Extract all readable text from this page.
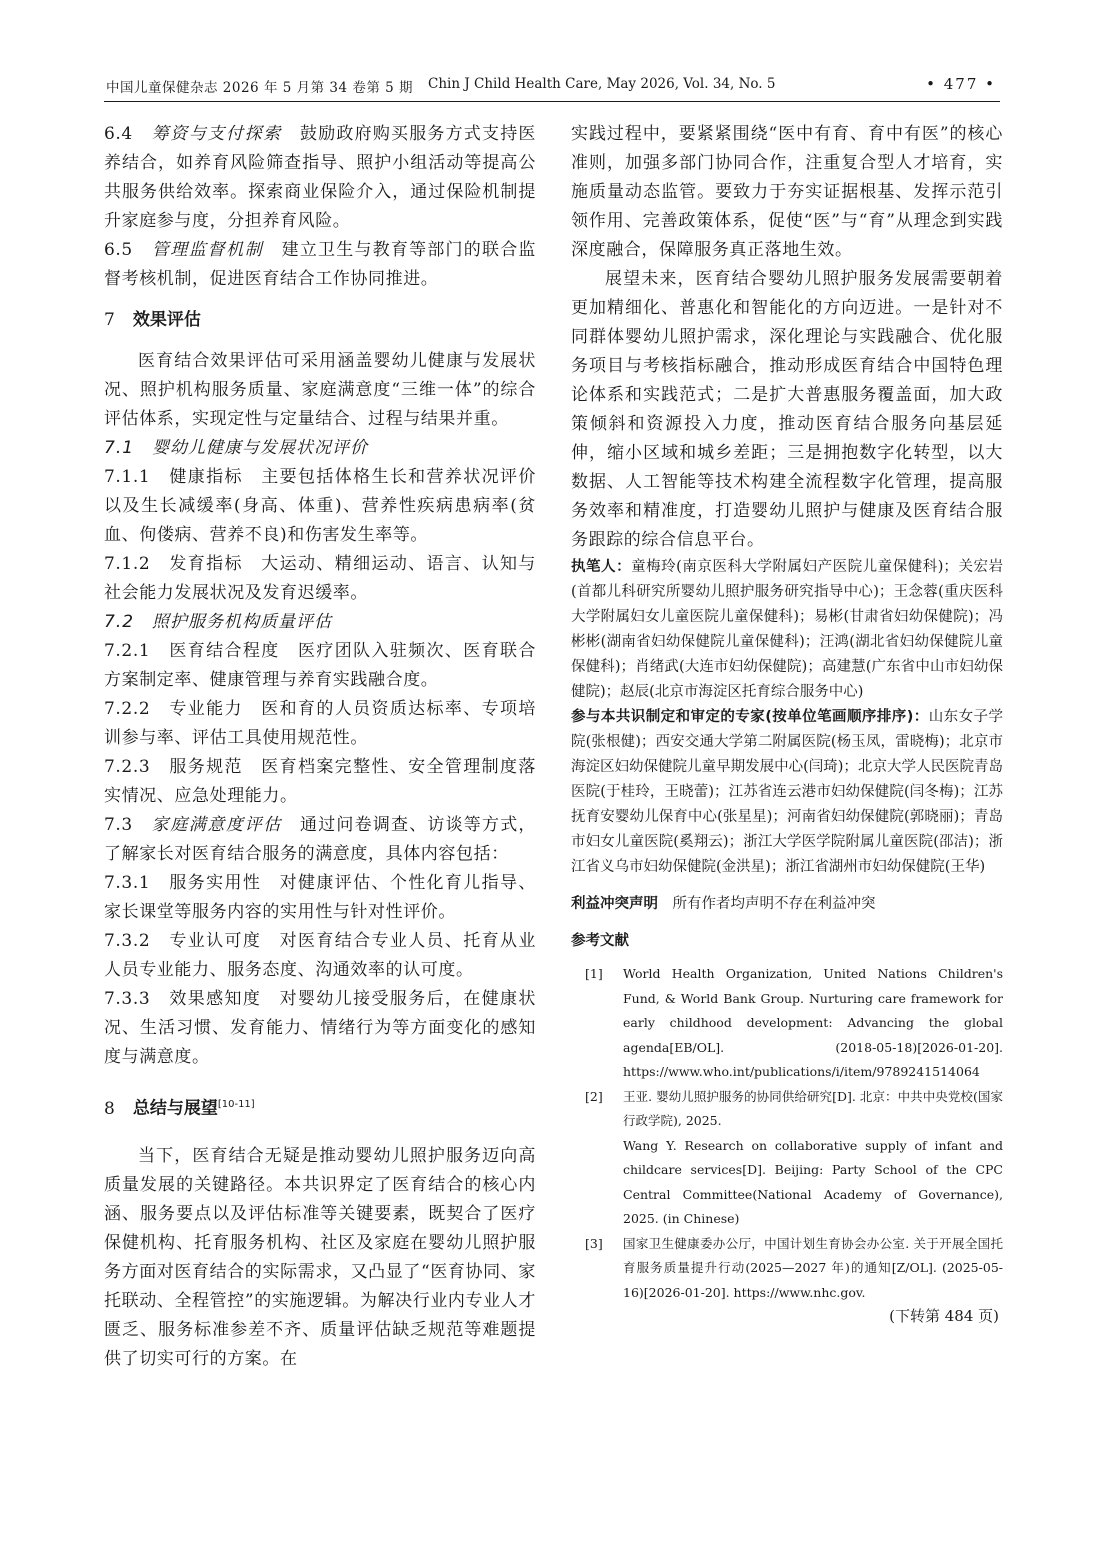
中国儿童保健杂志 2026 年 5 月第 34 卷第 5 期 Chin J Child Health Care, May 2026, Vol. 34, No. 5	• 477 •

6.4　 筹资与支付探索　 鼓励政府购买服务方式支持医养结合，如养育风险筛查指导、照护小组活动等提高公共服务供给效率。探索商业保险介入，通过保险机制提升家庭参与度，分担养育风险。

6.5　 管理监督机制　 建立卫生与教育等部门的联合监督考核机制，促进医育结合工作协同推进。

7 效果评估

医育结合效果评估可采用涵盖婴幼儿健康与发展状况、照护机构服务质量、家庭满意度“三维一体”的综合评估体系，实现定性与定量结合、过程与结果并重。

7.1　婴幼儿健康与发展状况评价

7.1.1　 健康指标　 主要包括体格生长和营养状况评价以及生长减缓率(身高、体重)、营养性疾病患病率(贫血、佝偻病、营养不良)和伤害发生率等。

7.1.2　 发育指标　 大运动、精细运动、语言、认知与社会能力发展状况及发育迟缓率。

7.2　照护服务机构质量评估

7.2.1　 医育结合程度　 医疗团队入驻频次、医育联合方案制定率、健康管理与养育实践融合度。

7.2.2　 专业能力　 医和育的人员资质达标率、专项培训参与率、评估工具使用规范性。

7.2.3　 服务规范　 医育档案完整性、安全管理制度落实情况、应急处理能力。

7.3　 家庭满意度评估　 通过问卷调查、访谈等方式，了解家长对医育结合服务的满意度，具体内容包括：

7.3.1　 服务实用性　 对健康评估、个性化育儿指导、家长课堂等服务内容的实用性与针对性评价。

7.3.2　 专业认可度　 对医育结合专业人员、托育从业人员专业能力、服务态度、沟通效率的认可度。

7.3.3　 效果感知度　 对婴幼儿接受服务后，在健康状况、生活习惯、发育能力、情绪行为等方面变化的感知度与满意度。

8 总结与展望[10-11]

当下，医育结合无疑是推动婴幼儿照护服务迈向高质量发展的关键路径。本共识界定了医育结合的核心内涵、服务要点以及评估标准等关键要素，既契合了医疗保健机构、托育服务机构、社区及家庭在婴幼儿照护服务方面对医育结合的实际需求，又凸显了“医育协同、家托联动、全程管控”的实施逻辑。为解决行业内专业人才匮乏、服务标准参差不齐、质量评估缺乏规范等难题提供了切实可行的方案。在

实践过程中，要紧紧围绕“医中有育、育中有医”的核心准则，加强多部门协同合作，注重复合型人才培育，实施质量动态监管。要致力于夯实证据根基、发挥示范引领作用、完善政策体系，促使“医”与“育”从理念到实践深度融合，保障服务真正落地生效。

展望未来，医育结合婴幼儿照护服务发展需要朝着更加精细化、普惠化和智能化的方向迈进。一是针对不同群体婴幼儿照护需求，深化理论与实践融合、优化服务项目与考核指标融合，推动形成医育结合中国特色理论体系和实践范式；二是扩大普惠服务覆盖面，加大政策倾斜和资源投入力度，推动医育结合服务向基层延伸，缩小区域和城乡差距；三是拥抱数字化转型，以大数据、人工智能等技术构建全流程数字化管理，提高服务效率和精准度，打造婴幼儿照护与健康及医育结合服务跟踪的综合信息平台。

执笔人：童梅玲(南京医科大学附属妇产医院儿童保健科)；关宏岩(首都儿科研究所婴幼儿照护服务研究指导中心)；王念蓉(重庆医科大学附属妇女儿童医院儿童保健科)；易彬(甘肃省妇幼保健院)；冯彬彬(湖南省妇幼保健院儿童保健科)；汪鸿(湖北省妇幼保健院儿童保健科)；肖绪武(大连市妇幼保健院)；高建慧(广东省中山市妇幼保健院)；赵辰(北京市海淀区托育综合服务中心)

参与本共识制定和审定的专家(按单位笔画顺序排序)：山东女子学院(张根健)；西安交通大学第二附属医院(杨玉凤，雷晓梅)；北京市海淀区妇幼保健院儿童早期发展中心(闫琦)；北京大学人民医院青岛医院(于桂玲，王晓蕾)；江苏省连云港市妇幼保健院(闫冬梅)；江苏抚育安婴幼儿保育中心(张星星)；河南省妇幼保健院(郭晓丽)；青岛市妇女儿童医院(奚翔云)；浙江大学医学院附属儿童医院(邵洁)；浙江省义乌市妇幼保健院(金洪星)；浙江省湖州市妇幼保健院(王华)

利益冲突声明　 所有作者均声明不存在利益冲突

参考文献

[1] World Health Organization, United Nations Children's Fund, & World Bank Group. Nurturing care framework for early childhood development: Advancing the global agenda[EB/OL]. (2018-05-18)[2026-01-20]. https://www.who.int/publications/i/item/9789241514064

[2] 王亚. 婴幼儿照护服务的协同供给研究[D]. 北京：中共中央党校(国家行政学院), 2025.
Wang Y. Research on collaborative supply of infant and childcare services[D]. Beijing: Party School of the CPC Central Committee(National Academy of Governance), 2025. (in Chinese)

[3] 国家卫生健康委办公厅，中国计划生育协会办公室. 关于开展全国托育服务质量提升行动(2025—2027 年)的通知[Z/OL]. (2025-05-16)[2026-01-20]. https://www.nhc.gov.

(下转第 484 页)
